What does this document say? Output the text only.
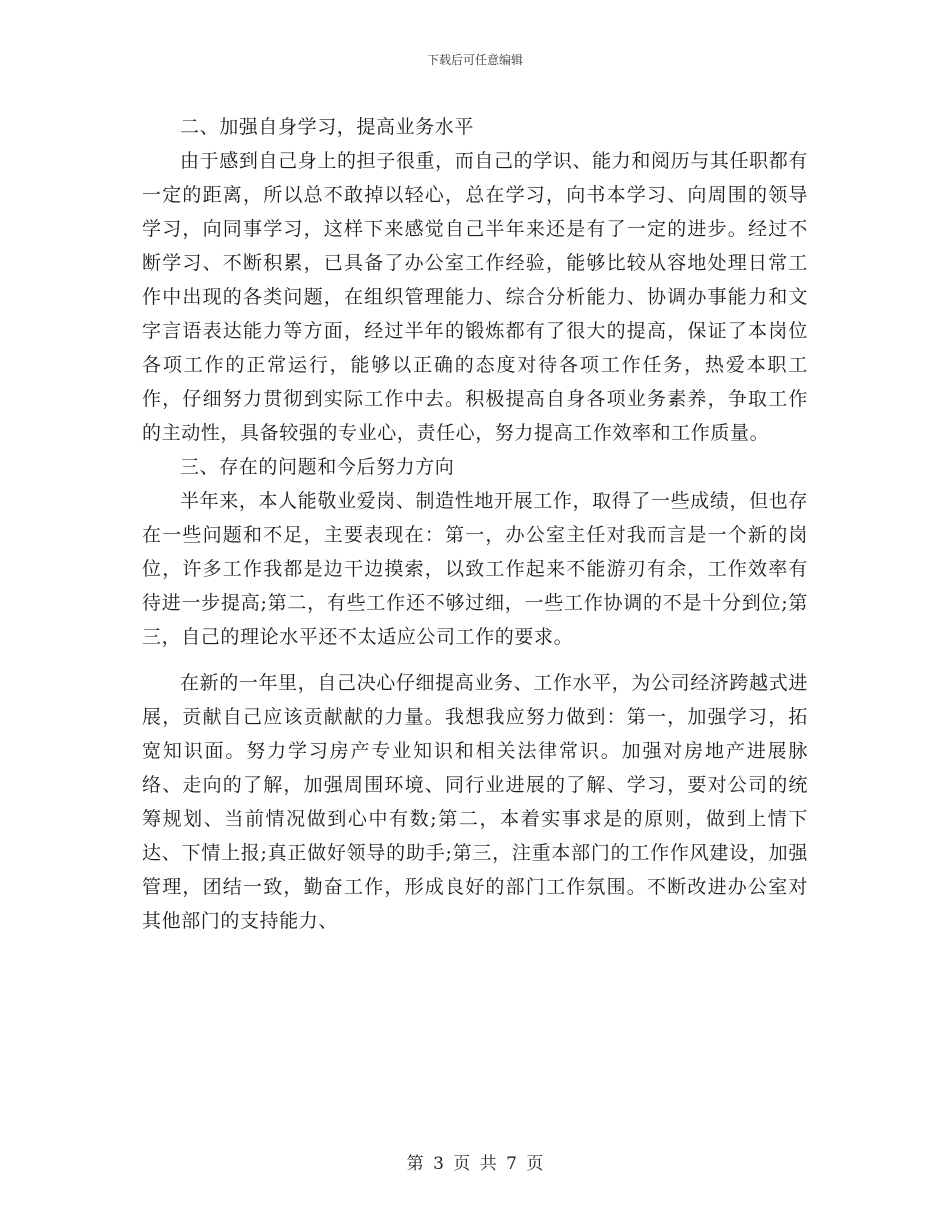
下载后可任意编辑

二、加强自身学习，提高业务水平

由于感到自己身上的担子很重，而自己的学识、能力和阅历与其任职都有一定的距离，所以总不敢掉以轻心，总在学习，向书本学习、向周围的领导学习，向同事学习，这样下来感觉自己半年来还是有了一定的进步。经过不断学习、不断积累，已具备了办公室工作经验，能够比较从容地处理日常工作中出现的各类问题，在组织管理能力、综合分析能力、协调办事能力和文字言语表达能力等方面，经过半年的锻炼都有了很大的提高，保证了本岗位各项工作的正常运行，能够以正确的态度对待各项工作任务，热爱本职工作，仔细努力贯彻到实际工作中去。积极提高自身各项业务素养，争取工作的主动性，具备较强的专业心，责任心，努力提高工作效率和工作质量。

三、存在的问题和今后努力方向

半年来，本人能敬业爱岗、制造性地开展工作，取得了一些成绩，但也存在一些问题和不足，主要表现在：第一，办公室主任对我而言是一个新的岗位，许多工作我都是边干边摸索，以致工作起来不能游刃有余，工作效率有待进一步提高;第二，有些工作还不够过细，一些工作协调的不是十分到位;第三，自己的理论水平还不太适应公司工作的要求。

在新的一年里，自己决心仔细提高业务、工作水平，为公司经济跨越式进展，贡献自己应该贡献献的力量。我想我应努力做到：第一，加强学习，拓宽知识面。努力学习房产专业知识和相关法律常识。加强对房地产进展脉络、走向的了解，加强周围环境、同行业进展的了解、学习，要对公司的统筹规划、当前情况做到心中有数;第二，本着实事求是的原则，做到上情下达、下情上报;真正做好领导的助手;第三，注重本部门的工作作风建设，加强管理，团结一致，勤奋工作，形成良好的部门工作氛围。不断改进办公室对其他部门的支持能力、

第 3 页 共 7 页
